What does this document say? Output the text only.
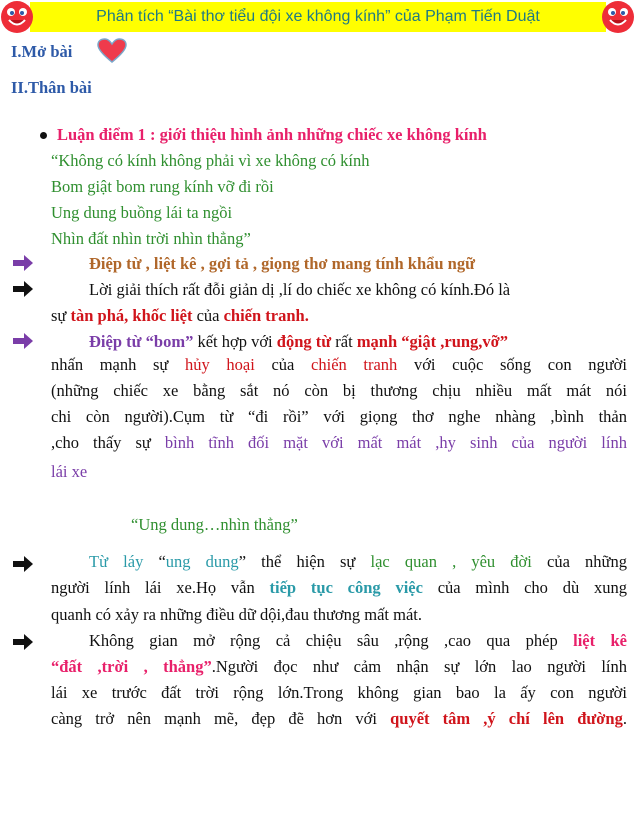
Phân tích “Bài thơ tiểu đội xe không kính” của Phạm Tiến Duật
I.Mở bài
II.Thân bài
Luận điểm 1 : giới thiệu hình ảnh những chiếc xe không kính
“Không có kính không phải vì xe không có kính
Bom giật bom rung kính vỡ đi rồi
Ung dung buồng lái ta ngồi
Nhìn đất nhìn trời nhìn thẳng”
Điệp từ , liệt kê , gợi tả , giọng thơ mang tính khẩu ngữ
Lời giải thích rất đỗi giản dị ,lí do chiếc xe không có kính.Đó là
sự tàn phá, khốc liệt của chiến tranh.
Điệp từ “bom” kết hợp với động từ rất mạnh “giật ,rung,vỡ”
nhấn mạnh sự hủy hoại của chiến tranh với cuộc sống con người
(những chiếc xe bằng sắt nó còn bị thương chịu nhiều mất mát nói
chi còn người).Cụm từ “đi rồi” với giọng thơ nghe nhàng ,bình thản
,cho thấy sự bình tĩnh đối mặt với mất mát ,hy sinh của người lính
lái xe
“Ung dung…nhìn thẳng”
Từ láy “ung dung” thể hiện sự lạc quan , yêu đời của những
người lính lái xe.Họ vẫn tiếp tục công việc của mình cho dù xung
quanh có xảy ra những điều dữ dội,đau thương mất mát.
Không gian mở rộng cả chiệu sâu ,rộng ,cao qua phép liệt kê
“đất ,trời , thẳng”.Người đọc như cảm nhận sự lớn lao người lính
lái xe trước đất trời rộng lớn.Trong không gian bao la ấy con người
càng trở nên mạnh mẽ, đẹp đẽ hơn với quyết tâm ,ý chí lên đường.
